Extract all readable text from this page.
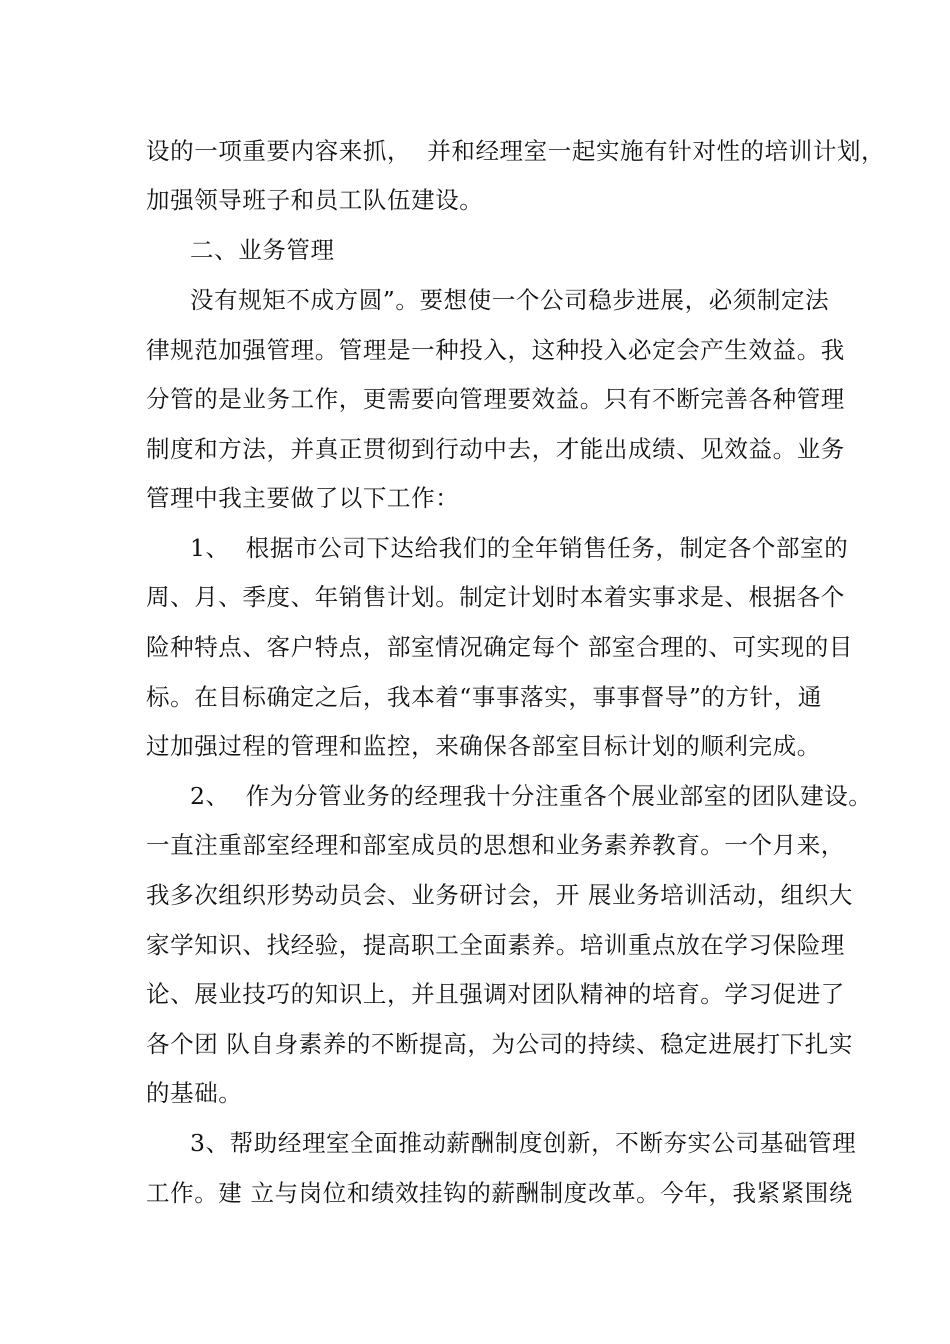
设的一项重要内容来抓，  并和经理室一起实施有针对性的培训计划，
加强领导班子和员工队伍建设。
二、业务管理
没有规矩不成方圆”。要想使一个公司稳步进展，必须制定法
律规范加强管理。管理是一种投入，这种投入必定会产生效益。我
分管的是业务工作，更需要向管理要效益。只有不断完善各种管理
制度和方法，并真正贯彻到行动中去，才能出成绩、见效益。业务
管理中我主要做了以下工作：
1、  根据市公司下达给我们的全年销售任务，制定各个部室的
周、月、季度、年销售计划。制定计划时本着实事求是、根据各个
险种特点、客户特点，部室情况确定每个 部室合理的、可实现的目
标。在目标确定之后，我本着“事事落实，事事督导”的方针，通
过加强过程的管理和监控，来确保各部室目标计划的顺利完成。
2、  作为分管业务的经理我十分注重各个展业部室的团队建设。
一直注重部室经理和部室成员的思想和业务素养教育。一个月来，
我多次组织形势动员会、业务研讨会，开 展业务培训活动，组织大
家学知识、找经验，提高职工全面素养。培训重点放在学习保险理
论、展业技巧的知识上，并且强调对团队精神的培育。学习促进了
各个团 队自身素养的不断提高，为公司的持续、稳定进展打下扎实
的基础。
3、帮助经理室全面推动薪酬制度创新，不断夯实公司基础管理
工作。建 立与岗位和绩效挂钩的薪酬制度改革。今年，我紧紧围绕
